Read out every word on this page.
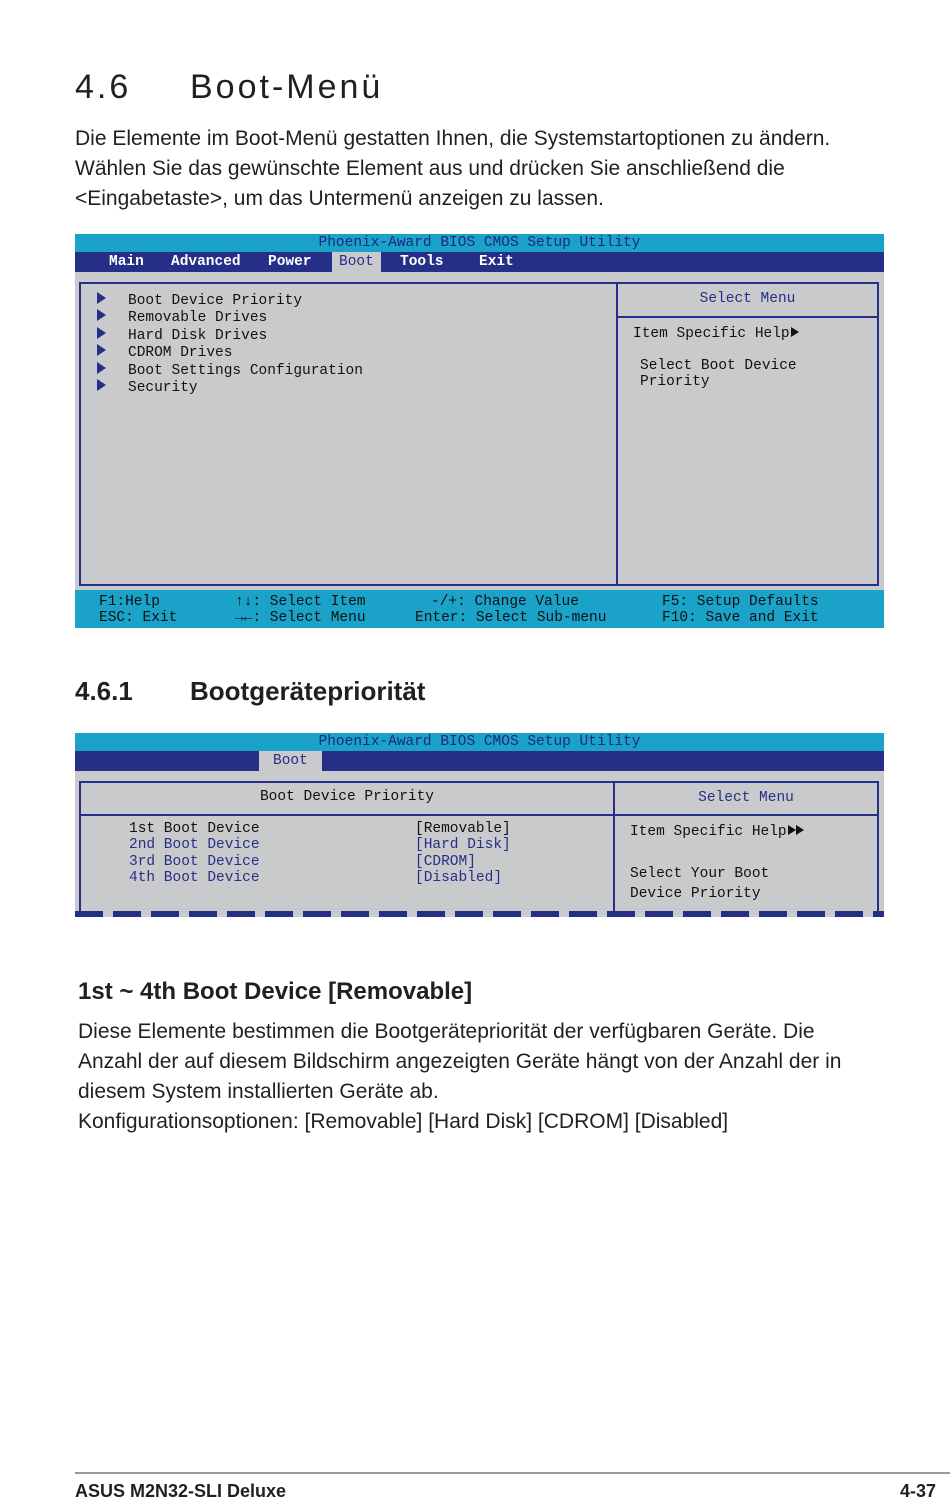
4.6 Boot-Menü
Die Elemente im Boot-Menü gestatten Ihnen, die Systemstartoptionen zu ändern.
Wählen Sie das gewünschte Element aus und drücken Sie anschließend die
<Eingabetaste>, um das Untermenü anzeigen zu lassen.
Phoenix-Award BIOS CMOS Setup Utility
Main Advanced Power	Boot	Tools Exit
Boot Device Priority
Removable Drives
Hard Disk Drives
CDROM Drives
Boot Settings Configuration
Security
Select Menu
Item Specific Help
Select Boot Device
Priority
F1:Help
ESC: Exit
↑↓: Select Item
→←: Select Menu
-/+: Change Value
Enter: Select Sub-menu
F5: Setup Defaults
F10: Save and Exit
4.6.1 Bootgerätepriorität
Phoenix-Award BIOS CMOS Setup Utility
Boot
Boot Device Priority	Select Menu
1st Boot Device	[Removable]
2nd Boot Device	[Hard Disk]
3rd Boot Device	[CDROM]
4th Boot Device	[Disabled]
Item Specific Help
Select Your Boot
Device Priority
1st ~ 4th Boot Device [Removable]
Diese Elemente bestimmen die Bootgerätepriorität der verfügbaren Geräte. Die
Anzahl der auf diesem Bildschirm angezeigten Geräte hängt von der Anzahl der in
diesem System installierten Geräte ab.
Konfigurationsoptionen: [Removable] [Hard Disk] [CDROM] [Disabled]
ASUS M2N32-SLI Deluxe	4-37
